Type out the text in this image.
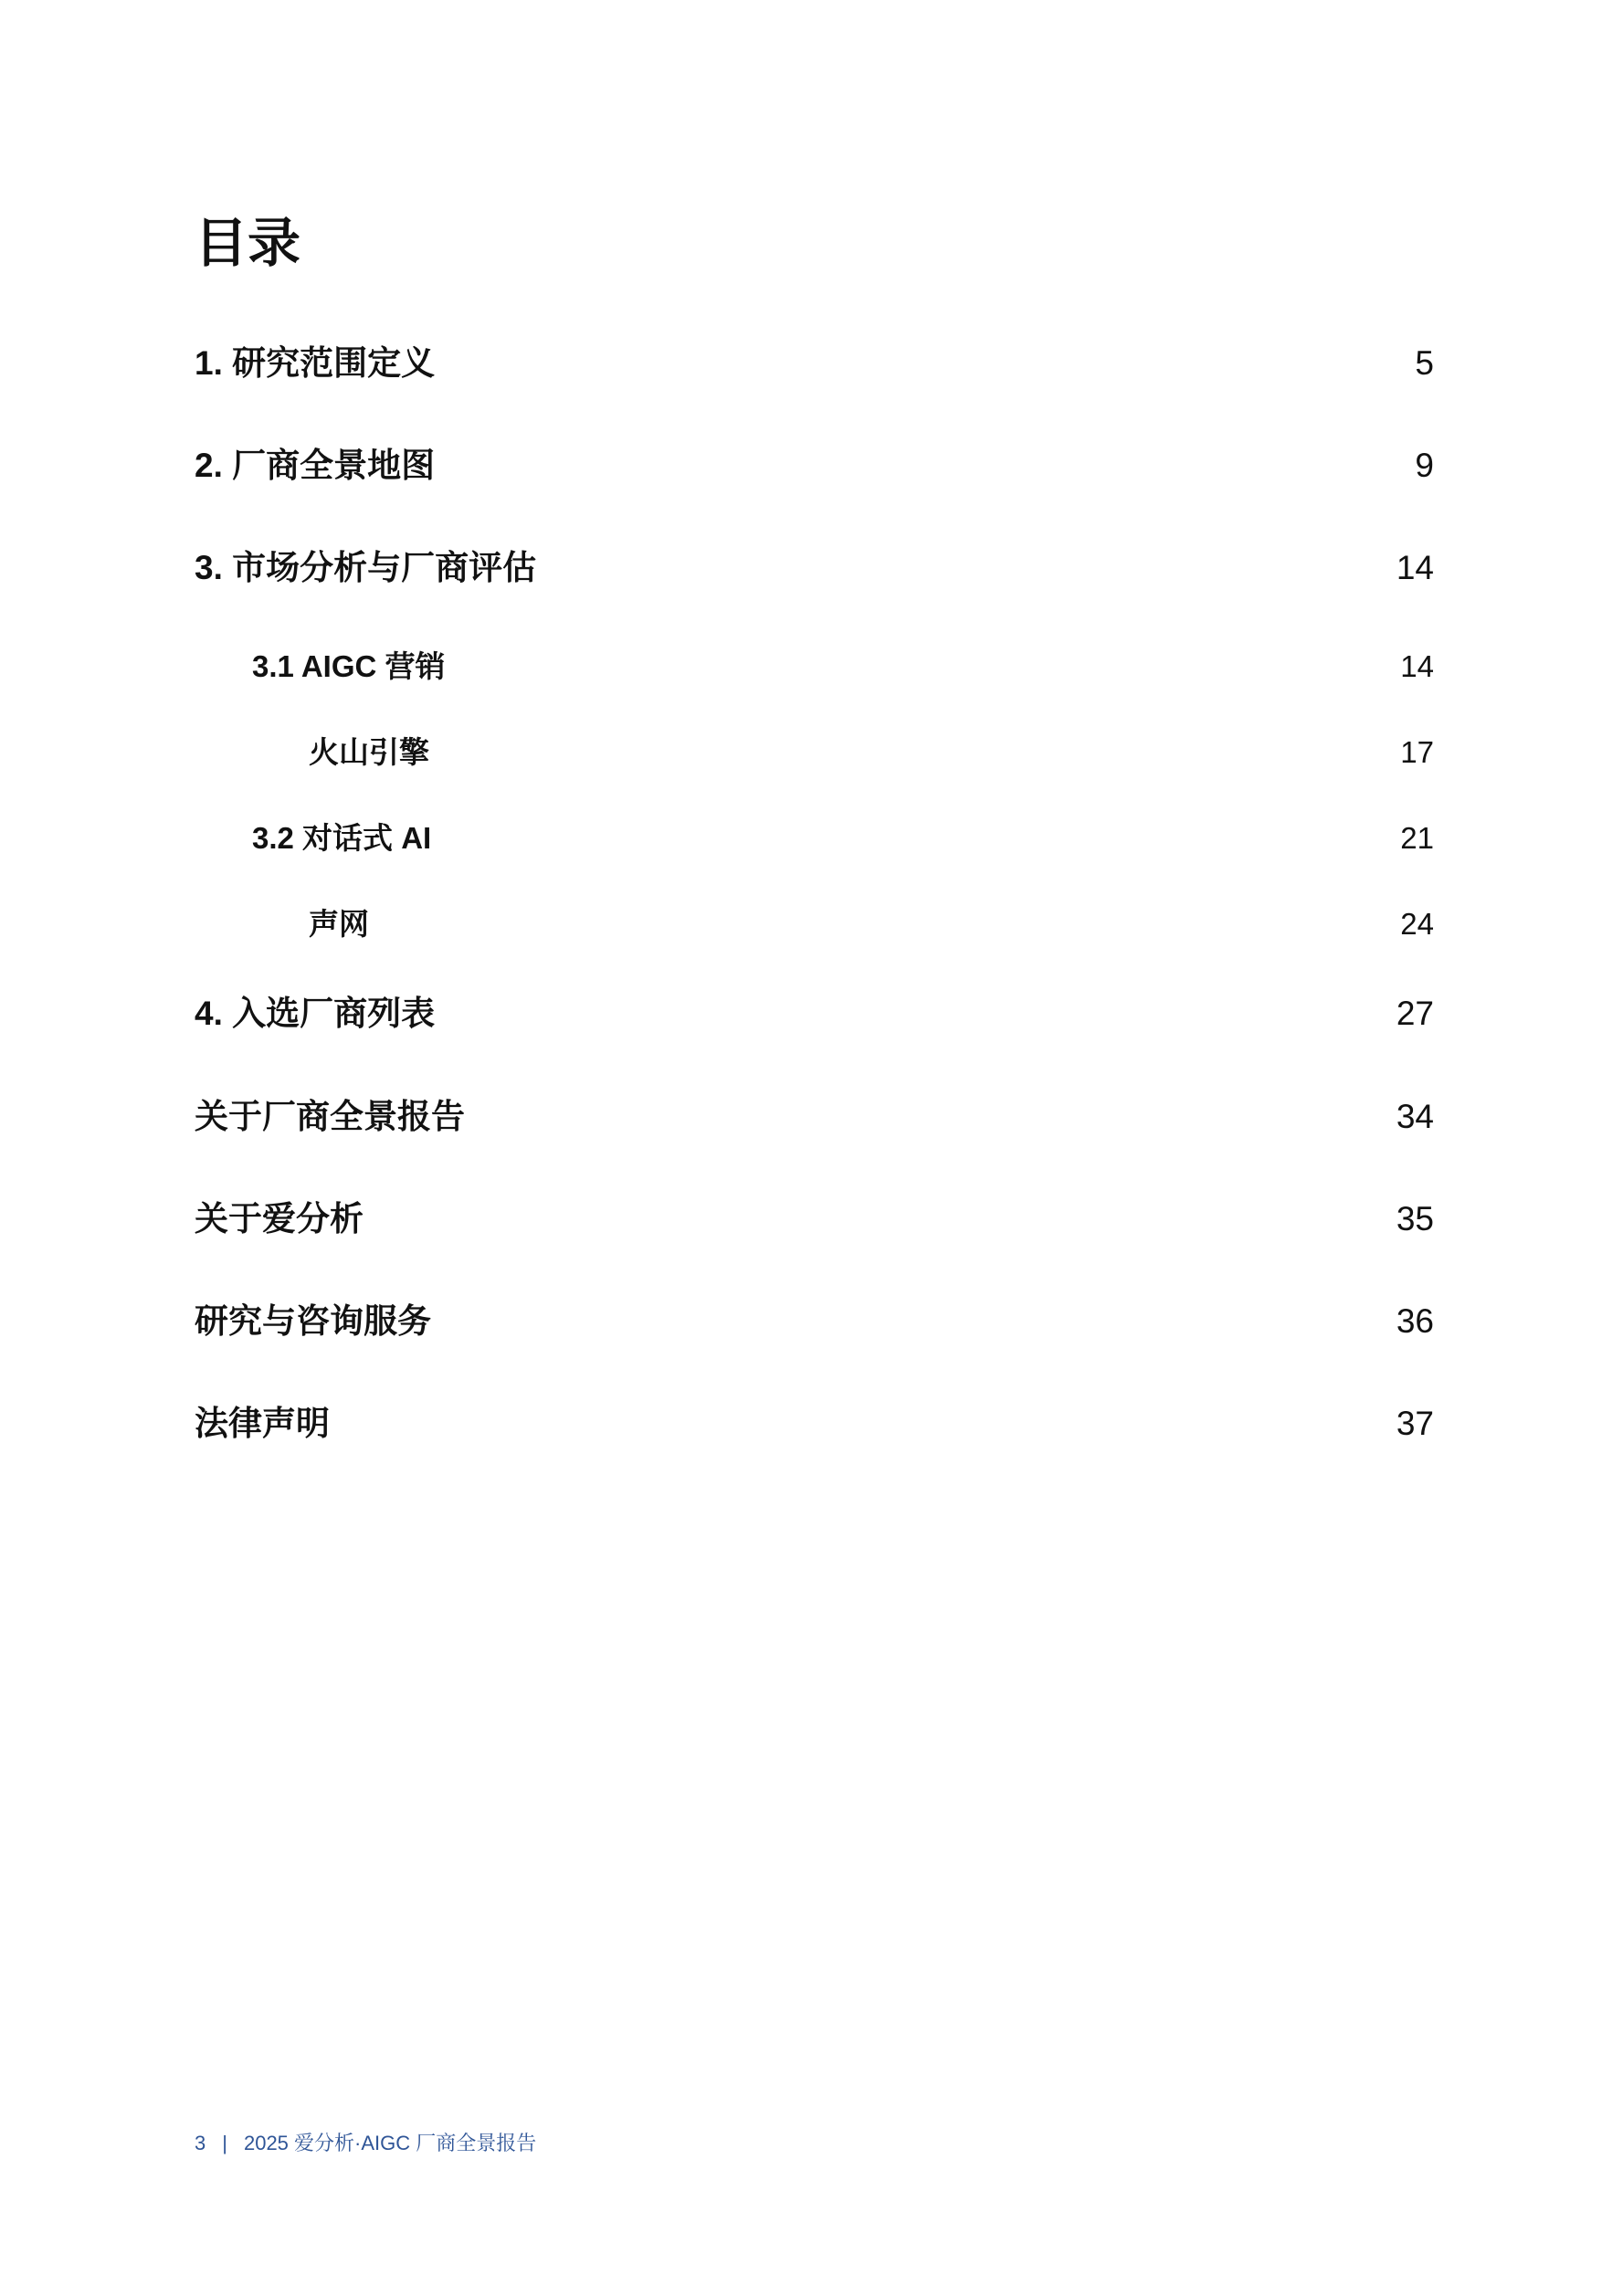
目录
1. 研究范围定义	5
2. 厂商全景地图	9
3. 市场分析与厂商评估	14
3.1 AIGC 营销	14
火山引擎	17
3.2 对话式 AI	21
声网	24
4. 入选厂商列表	27
关于厂商全景报告	34
关于爱分析	35
研究与咨询服务	36
法律声明	37
3 | 2025 爱分析·AIGC 厂商全景报告
